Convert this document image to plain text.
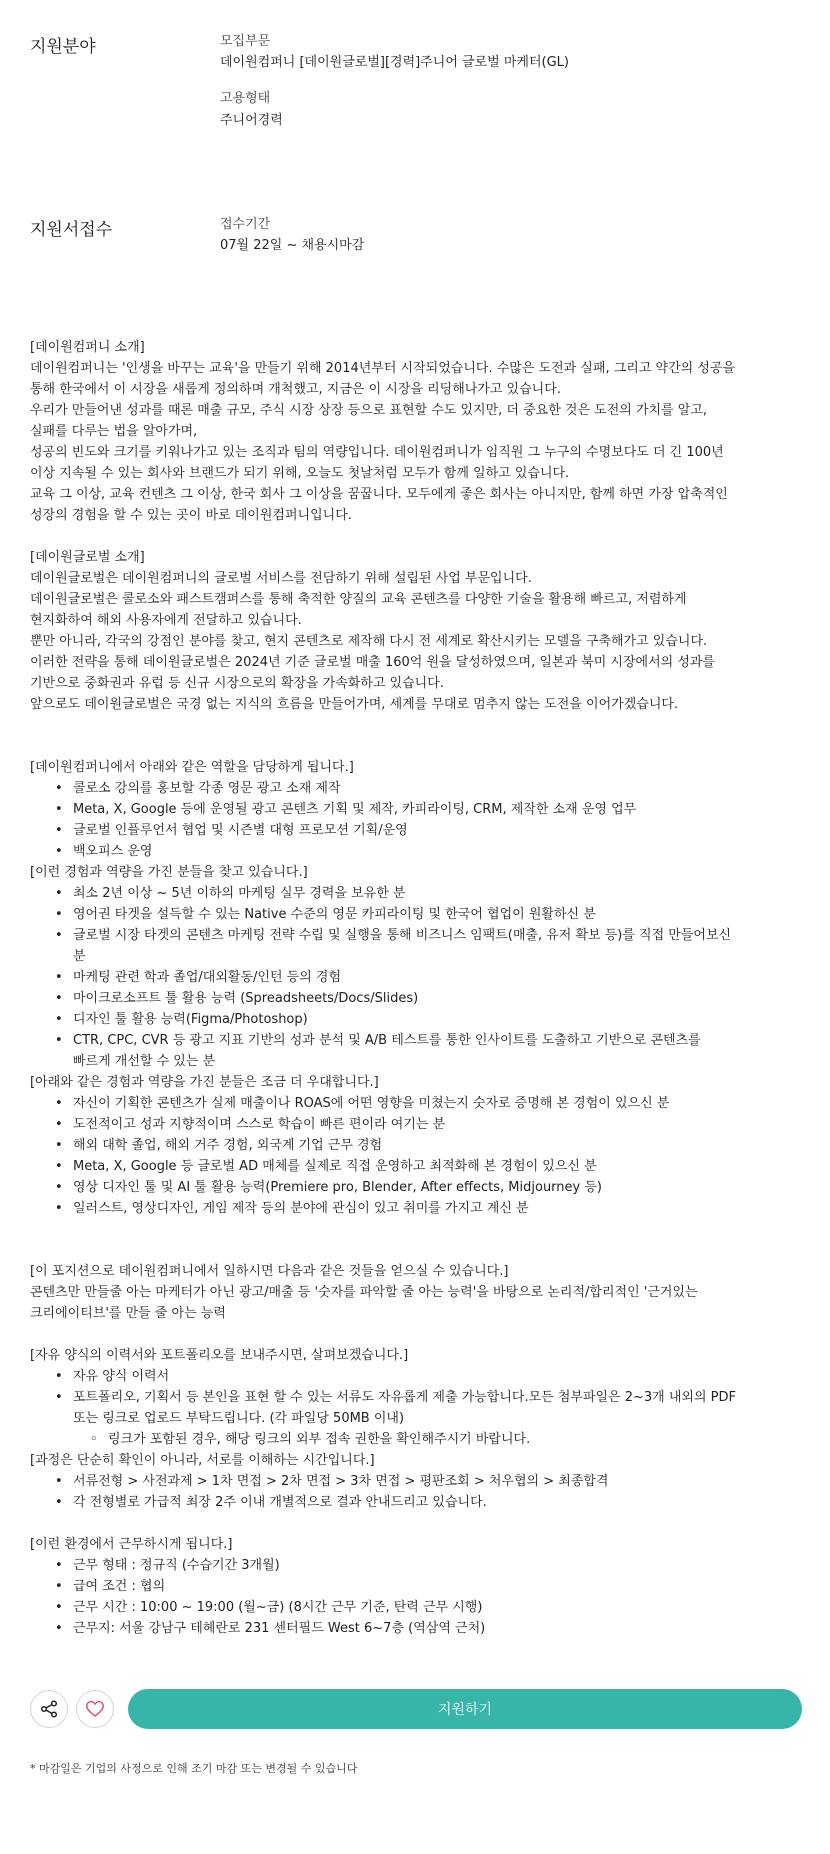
지원분야	모집부문
데이원컴퍼니 [데이원글로벌][경력]주니어 글로벌 마케터(GL)
고용형태
주니어경력
지원서접수	접수기간
07월 22일 ~ 채용시마감

[데이원컴퍼니 소개]

데이원컴퍼니는 '인생을 바꾸는 교육'을 만들기 위해 2014년부터 시작되었습니다. 수많은 도전과 실패, 그리고 약간의 성공을

통해 한국에서 이 시장을 새롭게 정의하며 개척했고, 지금은 이 시장을 리딩해나가고 있습니다.

우리가 만들어낸 성과를 때론 매출 규모, 주식 시장 상장 등으로 표현할 수도 있지만, 더 중요한 것은 도전의 가치를 알고,

실패를 다루는 법을 알아가며,

성공의 빈도와 크기를 키워나가고 있는 조직과 팀의 역량입니다. 데이원컴퍼니가 임직원 그 누구의 수명보다도 더 긴 100년

이상 지속될 수 있는 회사와 브랜드가 되기 위해, 오늘도 첫날처럼 모두가 함께 일하고 있습니다.

교육 그 이상, 교육 컨텐츠 그 이상, 한국 회사 그 이상을 꿈꿉니다. 모두에게 좋은 회사는 아니지만, 함께 하면 가장 압축적인

성장의 경험을 할 수 있는 곳이 바로 데이원컴퍼니입니다.

[데이원글로벌 소개]

데이원글로벌은 데이원컴퍼니의 글로벌 서비스를 전담하기 위해 설립된 사업 부문입니다.

데이원글로벌은 콜로소와 패스트캠퍼스를 통해 축적한 양질의 교육 콘텐츠를 다양한 기술을 활용해 빠르고, 저렴하게

현지화하여 해외 사용자에게 전달하고 있습니다.

뿐만 아니라, 각국의 강점인 분야를 찾고, 현지 콘텐츠로 제작해 다시 전 세계로 확산시키는 모델을 구축해가고 있습니다.

이러한 전략을 통해 데이원글로벌은 2024년 기준 글로벌 매출 160억 원을 달성하였으며, 일본과 북미 시장에서의 성과를

기반으로 중화권과 유럽 등 신규 시장으로의 확장을 가속화하고 있습니다.

앞으로도 데이원글로벌은 국경 없는 지식의 흐름을 만들어가며, 세계를 무대로 멈추지 않는 도전을 이어가겠습니다.

[데이원컴퍼니에서 아래와 같은 역할을 담당하게 됩니다.]

• 콜로소 강의를 홍보할 각종 영문 광고 소재 제작
• Meta, X, Google 등에 운영될 광고 콘텐츠 기획 및 제작, 카피라이팅, CRM, 제작한 소재 운영 업무
• 글로벌 인플루언서 협업 및 시즌별 대형 프로모션 기획/운영
• 백오피스 운영

[이런 경험과 역량을 가진 분들을 찾고 있습니다.]

• 최소 2년 이상 ~ 5년 이하의 마케팅 실무 경력을 보유한 분
• 영어권 타겟을 설득할 수 있는 Native 수준의 영문 카피라이팅 및 한국어 협업이 원활하신 분
• 글로벌 시장 타겟의 콘텐츠 마케팅 전략 수립 및 실행을 통해 비즈니스 임팩트(매출, 유저 확보 등)를 직접 만들어보신
분
• 마케팅 관련 학과 졸업/대외활동/인턴 등의 경험
• 마이크로소프트 툴 활용 능력 (Spreadsheets/Docs/Slides)
• 디자인 툴 활용 능력(Figma/Photoshop)
• CTR, CPC, CVR 등 광고 지표 기반의 성과 분석 및 A/B 테스트를 통한 인사이트를 도출하고 기반으로 콘텐츠를
빠르게 개선할 수 있는 분

[아래와 같은 경험과 역량을 가진 분들은 조금 더 우대합니다.]

• 자신이 기획한 콘텐츠가 실제 매출이나 ROAS에 어떤 영향을 미쳤는지 숫자로 증명해 본 경험이 있으신 분
• 도전적이고 성과 지향적이며 스스로 학습이 빠른 편이라 여기는 분
• 해외 대학 졸업, 해외 거주 경험, 외국계 기업 근무 경험
• Meta, X, Google 등 글로벌 AD 매체를 실제로 직접 운영하고 최적화해 본 경험이 있으신 분
• 영상 디자인 툴 및 AI 툴 활용 능력(Premiere pro, Blender, After effects, Midjourney 등)
• 일러스트, 영상디자인, 게임 제작 등의 분야에 관심이 있고 취미를 가지고 계신 분

[이 포지션으로 데이원컴퍼니에서 일하시면 다음과 같은 것들을 얻으실 수 있습니다.]

콘텐츠만 만들줄 아는 마케터가 아닌 광고/매출 등 '숫자를 파악할 줄 아는 능력'을 바탕으로 논리적/합리적인 '근거있는

크리에이티브'를 만들 줄 아는 능력

[자유 양식의 이력서와 포트폴리오를 보내주시면, 살펴보겠습니다.]

• 자유 양식 이력서
• 포트폴리오, 기획서 등 본인을 표현 할 수 있는 서류도 자유롭게 제출 가능합니다.모든 첨부파일은 2~3개 내외의 PDF
또는 링크로 업로드 부탁드립니다. (각 파일당 50MB 이내)
◦ 링크가 포함된 경우, 해당 링크의 외부 접속 권한을 확인해주시기 바랍니다.

[과정은 단순히 확인이 아니라, 서로를 이해하는 시간입니다.]

• 서류전형 > 사전과제 > 1차 면접 > 2차 면접 > 3차 면접 > 평판조회 > 처우협의 > 최종합격
• 각 전형별로 가급적 최장 2주 이내 개별적으로 결과 안내드리고 있습니다.

[이런 환경에서 근무하시게 됩니다.]

• 근무 형태 : 정규직 (수습기간 3개월)
• 급여 조건 : 협의
• 근무 시간 : 10:00 ~ 19:00 (월~금) (8시간 근무 기준, 탄력 근무 시행)
• 근무지: 서울 강남구 테헤란로 231 센터필드 West 6~7층 (역삼역 근처)
지원하기
* 마감일은 기업의 사정으로 인해 조기 마감 또는 변경될 수 있습니다
